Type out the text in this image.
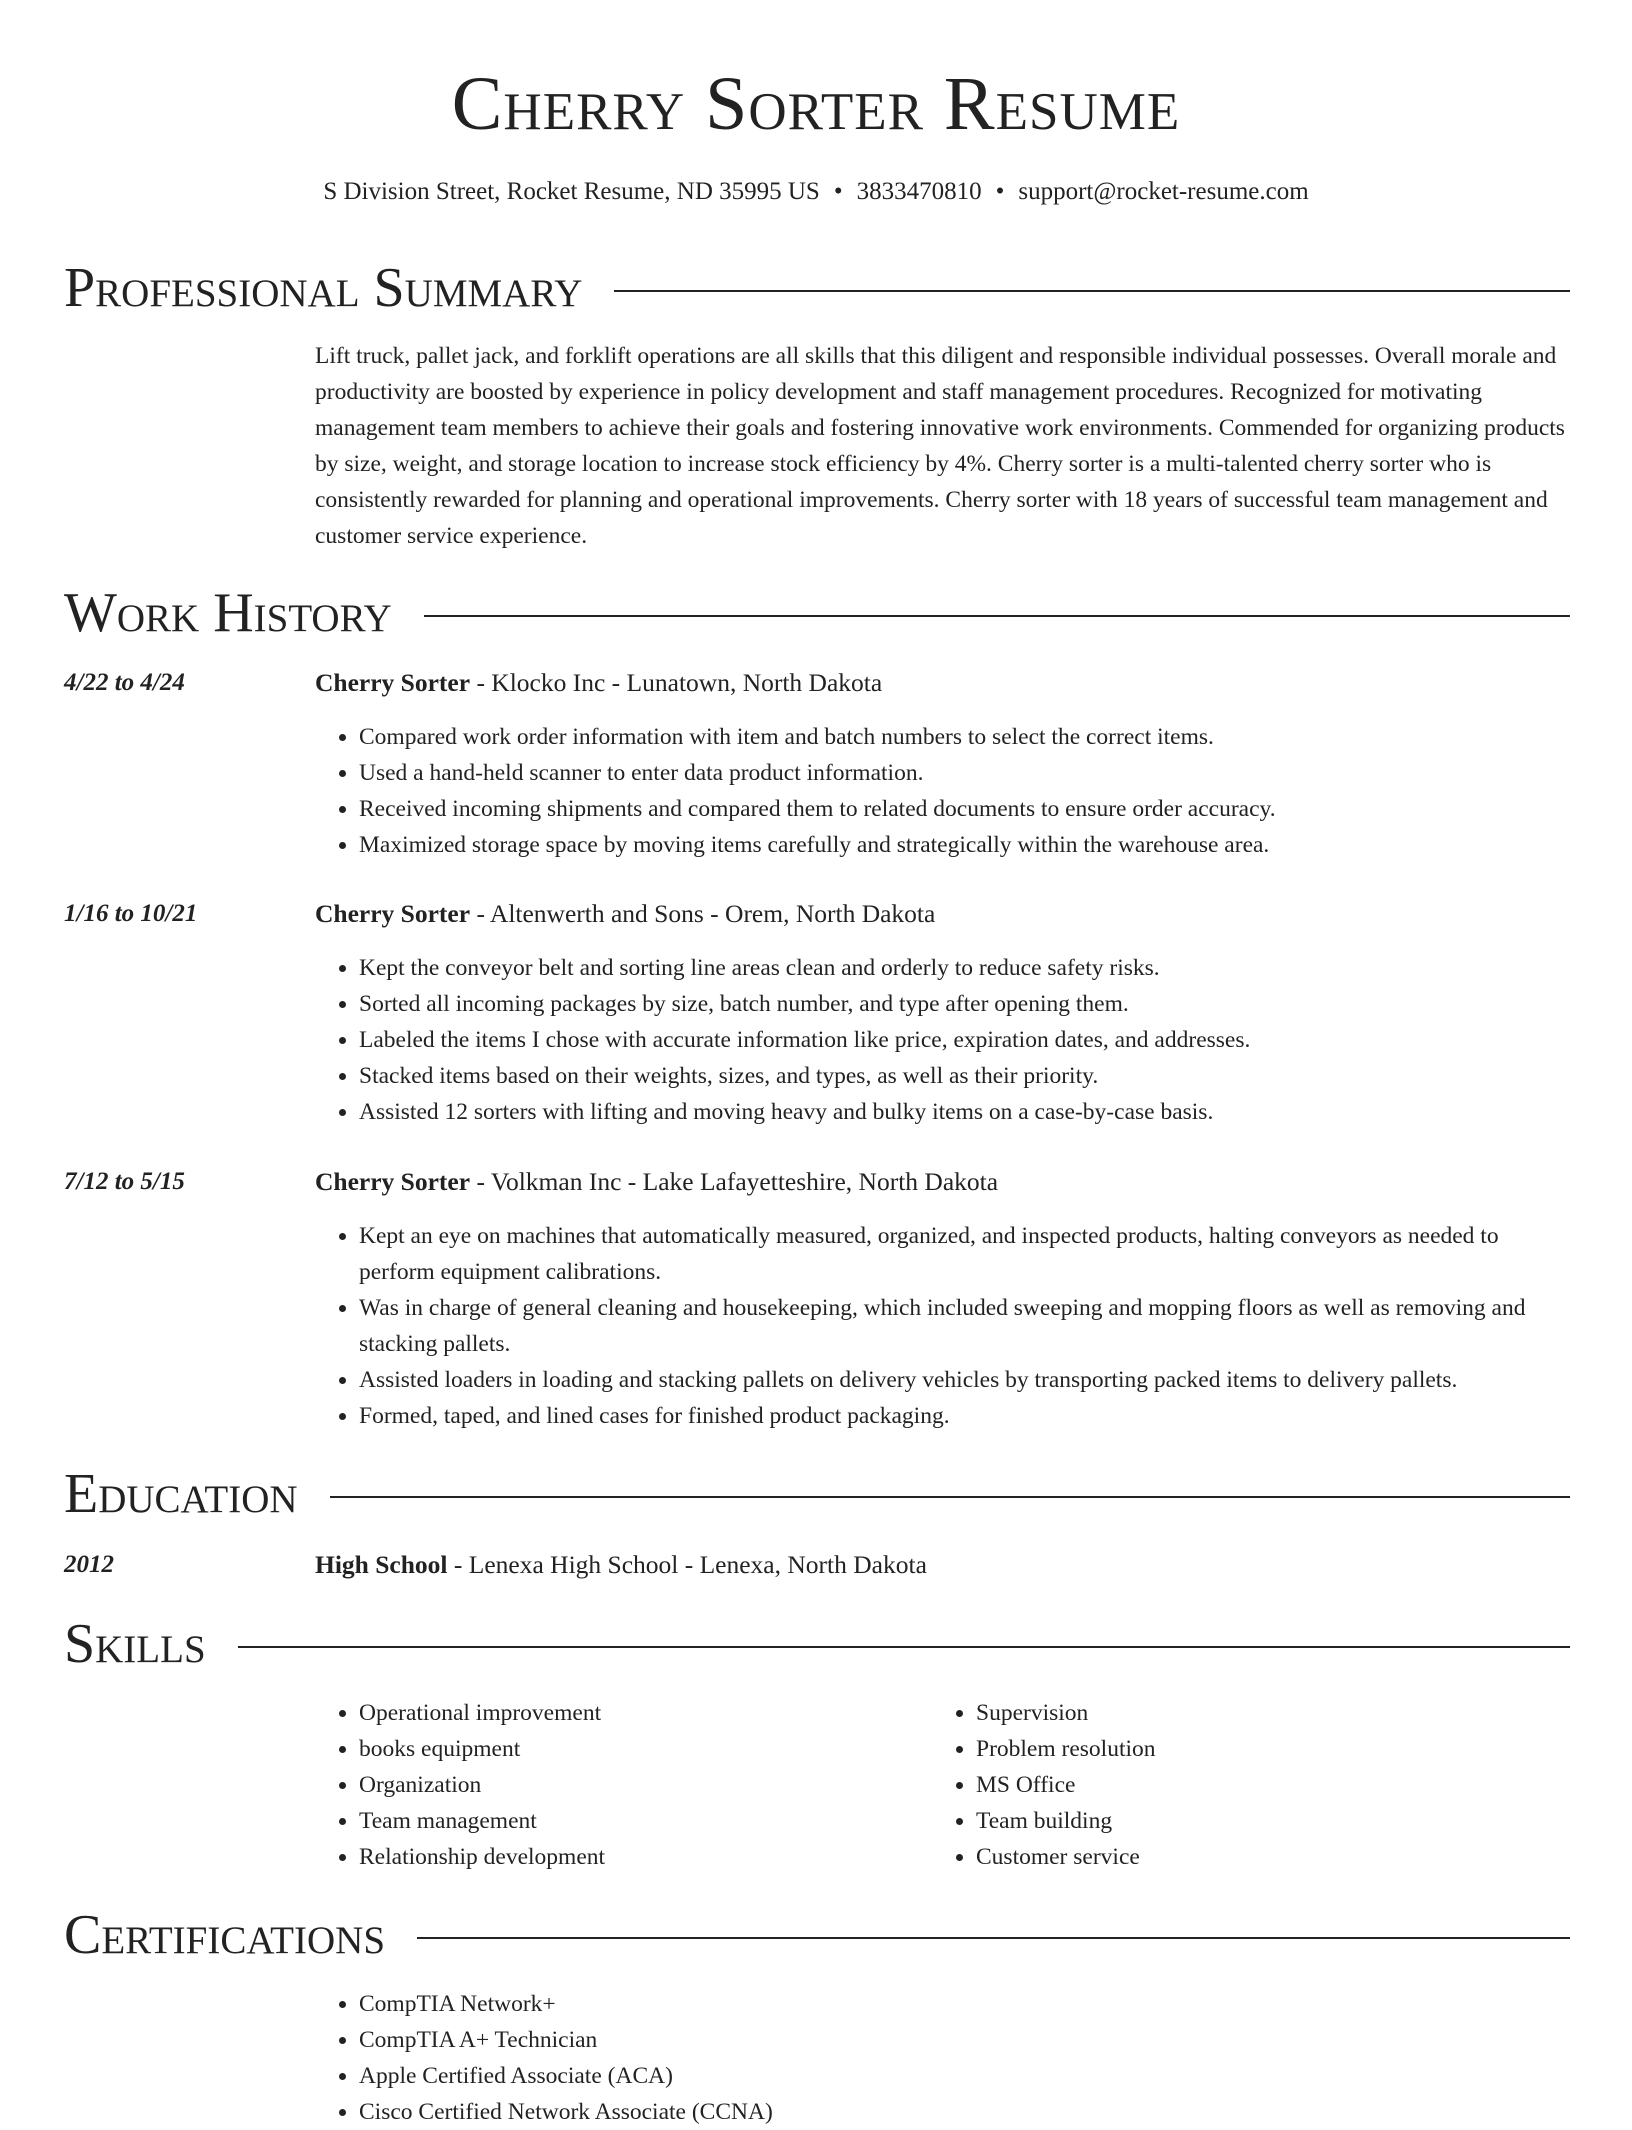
Cherry Sorter Resume
S Division Street, Rocket Resume, ND 35995 US • 3833470810 • support@rocket-resume.com
Professional Summary

Lift truck, pallet jack, and forklift operations are all skills that this diligent and responsible individual possesses. Overall morale and productivity are boosted by experience in policy development and staff management procedures. Recognized for motivating management team members to achieve their goals and fostering innovative work environments. Commended for organizing products by size, weight, and storage location to increase stock efficiency by 4%. Cherry sorter is a multi-talented cherry sorter who is consistently rewarded for planning and operational improvements. Cherry sorter with 18 years of successful team management and customer service experience.

Work History
4/22 to 4/24	Cherry Sorter - Klocko Inc - Lunatown, North Dakota
• Compared work order information with item and batch numbers to select the correct items.
• Used a hand-held scanner to enter data product information.
• Received incoming shipments and compared them to related documents to ensure order accuracy.
• Maximized storage space by moving items carefully and strategically within the warehouse area.
1/16 to 10/21	Cherry Sorter - Altenwerth and Sons - Orem, North Dakota
• Kept the conveyor belt and sorting line areas clean and orderly to reduce safety risks.
• Sorted all incoming packages by size, batch number, and type after opening them.
• Labeled the items I chose with accurate information like price, expiration dates, and addresses.
• Stacked items based on their weights, sizes, and types, as well as their priority.
• Assisted 12 sorters with lifting and moving heavy and bulky items on a case-by-case basis.
7/12 to 5/15	Cherry Sorter - Volkman Inc - Lake Lafayetteshire, North Dakota
• Kept an eye on machines that automatically measured, organized, and inspected products, halting conveyors as needed to perform equipment calibrations.
• Was in charge of general cleaning and housekeeping, which included sweeping and mopping floors as well as removing and stacking pallets.
• Assisted loaders in loading and stacking pallets on delivery vehicles by transporting packed items to delivery pallets.
• Formed, taped, and lined cases for finished product packaging.
Education
2012	High School - Lenexa High School - Lenexa, North Dakota
Skills
• Operational improvement
• books equipment
• Organization
• Team management
• Relationship development
• Supervision
• Problem resolution
• MS Office
• Team building
• Customer service
Certifications
• CompTIA Network+
• CompTIA A+ Technician
• Apple Certified Associate (ACA)
• Cisco Certified Network Associate (CCNA)
